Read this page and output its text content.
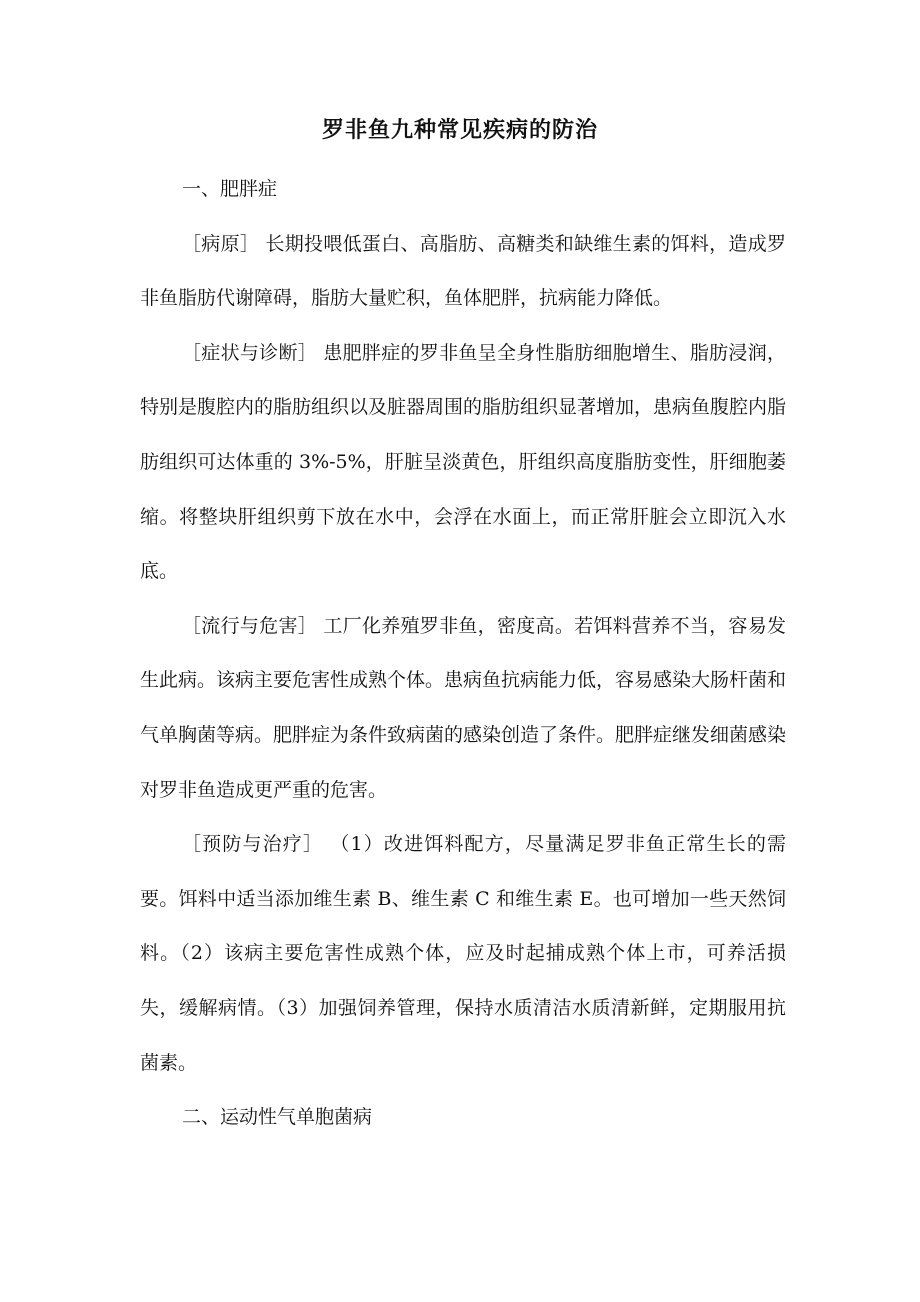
罗非鱼九种常见疾病的防治

一、肥胖症

［病原］ 长期投喂低蛋白、高脂肪、高糖类和缺维生素的饵料，造成罗非鱼脂肪代谢障碍，脂肪大量贮积，鱼体肥胖，抗病能力降低。

［症状与诊断］ 患肥胖症的罗非鱼呈全身性脂肪细胞增生、脂肪浸润，特别是腹腔内的脂肪组织以及脏器周围的脂肪组织显著增加，患病鱼腹腔内脂肪组织可达体重的 3%-5%，肝脏呈淡黄色，肝组织高度脂肪变性，肝细胞萎缩。将整块肝组织剪下放在水中，会浮在水面上，而正常肝脏会立即沉入水底。

［流行与危害］ 工厂化养殖罗非鱼，密度高。若饵料营养不当，容易发生此病。该病主要危害性成熟个体。患病鱼抗病能力低，容易感染大肠杆菌和气单胸菌等病。肥胖症为条件致病菌的感染创造了条件。肥胖症继发细菌感染对罗非鱼造成更严重的危害。

［预防与治疗］ （1）改进饵料配方，尽量满足罗非鱼正常生长的需要。饵料中适当添加维生素 B、维生素 C 和维生素 E。也可增加一些天然饲料。（2）该病主要危害性成熟个体，应及时起捕成熟个体上市，可养活损失，缓解病情。（3）加强饲养管理，保持水质清洁水质清新鲜，定期服用抗菌素。

二、运动性气单胞菌病
